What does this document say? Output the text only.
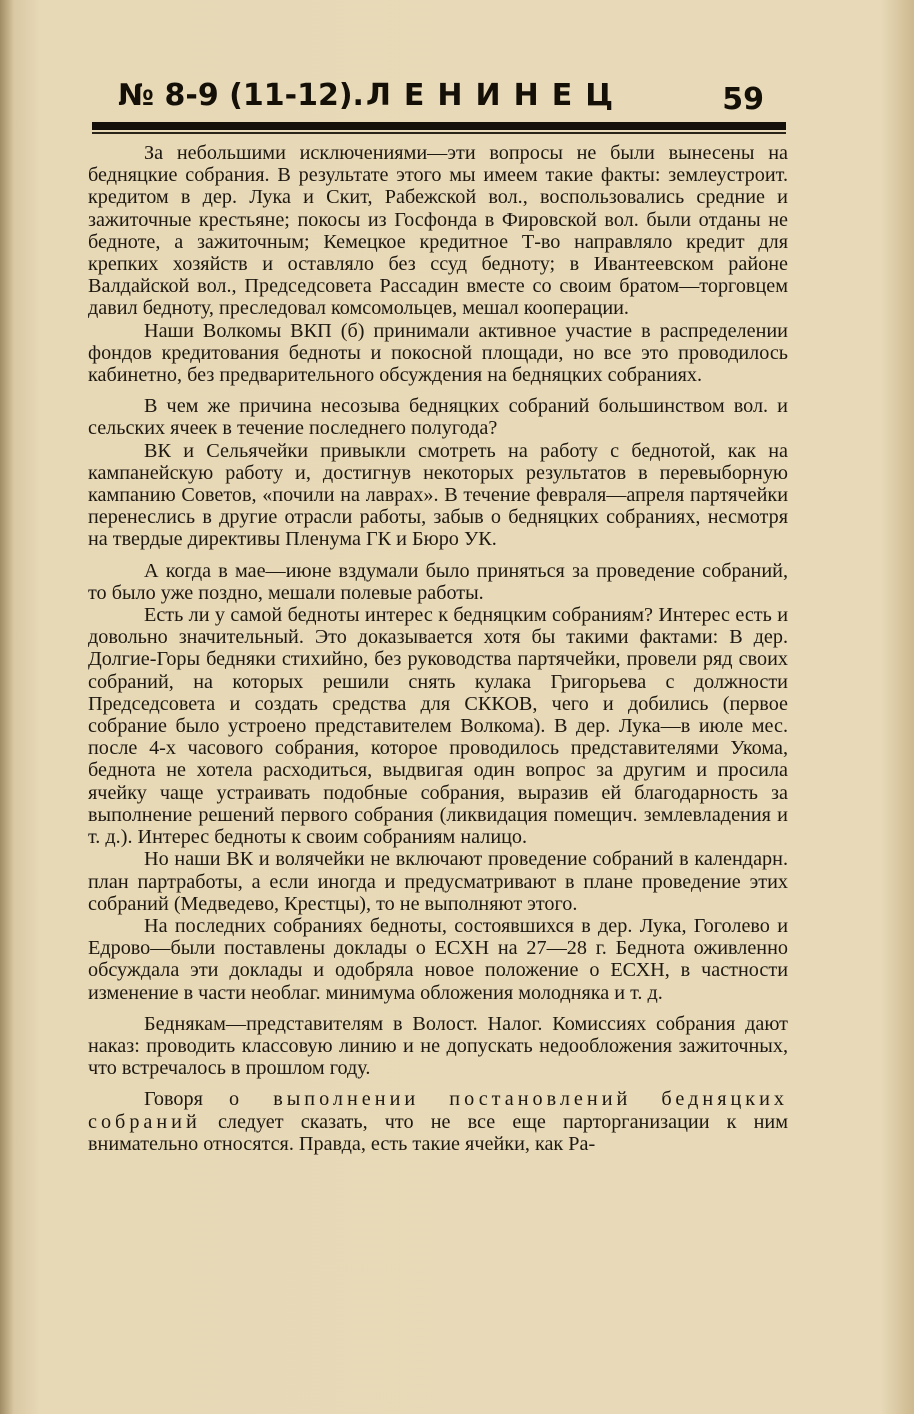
№ 8-9 (11-12). ЛЕНИНЕЦ	59

За небольшими исключениями—эти вопросы не были вынесены на бедняцкие собрания. В результате этого мы имеем такие факты: землеустроит. кредитом в дер. Лука и Скит, Рабежской вол., воспользовались средние и зажиточные крестьяне; покосы из Госфонда в Фировской вол. были отданы не бедноте, а зажиточным; Кемецкое кредитное Т-во направляло кредит для крепких хозяйств и оставляло без ссуд бедноту; в Ивантеевском районе Валдайской вол., Председсовета Рассадин вместе со своим братом—торговцем давил бедноту, преследовал комсомольцев, мешал кооперации.

Наши Волкомы ВКП (б) принимали активное участие в распределении фондов кредитования бедноты и покосной площади, но все это проводилось кабинетно, без предварительного обсуждения на бедняцких собраниях.

В чем же причина несозыва бедняцких собраний большинством вол. и сельских ячеек в течение последнего полугода?

ВК и Сельячейки привыкли смотреть на работу с беднотой, как на кампанейскую работу и, достигнув некоторых результатов в перевыборную кампанию Советов, «почили на лаврах». В течение февраля—апреля партячейки перенеслись в другие отрасли работы, забыв о бедняцких собраниях, несмотря на твердые директивы Пленума ГК и Бюро УК.

А когда в мае—июне вздумали было приняться за проведение собраний, то было уже поздно, мешали полевые работы.

Есть ли у самой бедноты интерес к бедняцким собраниям? Интерес есть и довольно значительный. Это доказывается хотя бы такими фактами: В дер. Долгие-Горы бедняки стихийно, без руководства партячейки, провели ряд своих собраний, на которых решили снять кулака Григорьева с должности Председсовета и создать средства для СККОВ, чего и добились (первое собрание было устроено представителем Волкома). В дер. Лука—в июле мес. после 4-х часового собрания, которое проводилось представителями Укома, беднота не хотела расходиться, выдвигая один вопрос за другим и просила ячейку чаще устраивать подобные собрания, выразив ей благодарность за выполнение решений первого собрания (ликвидация помещич. землевладения и т. д.). Интерес бедноты к своим собраниям налицо.

Но наши ВК и волячейки не включают проведение собраний в календарн. план партработы, а если иногда и предусматривают в плане проведение этих собраний (Медведево, Крестцы), то не выполняют этого.

На последних собраниях бедноты, состоявшихся в дер. Лука, Гоголево и Едрово—были поставлены доклады о ЕСХН на 27—28 г. Беднота оживленно обсуждала эти доклады и одобряла новое положение о ЕСХН, в частности изменение в части необлаг. минимума обложения молодняка и т. д.

Беднякам—представителям в Волост. Налог. Комиссиях собрания дают наказ: проводить классовую линию и не допускать недообложения зажиточных, что встречалось в прошлом году.

Говоря о выполнении постановлений бедняцких собраний следует сказать, что не все еще парторганизации к ним внимательно относятся. Правда, есть такие ячейки, как Ра-
